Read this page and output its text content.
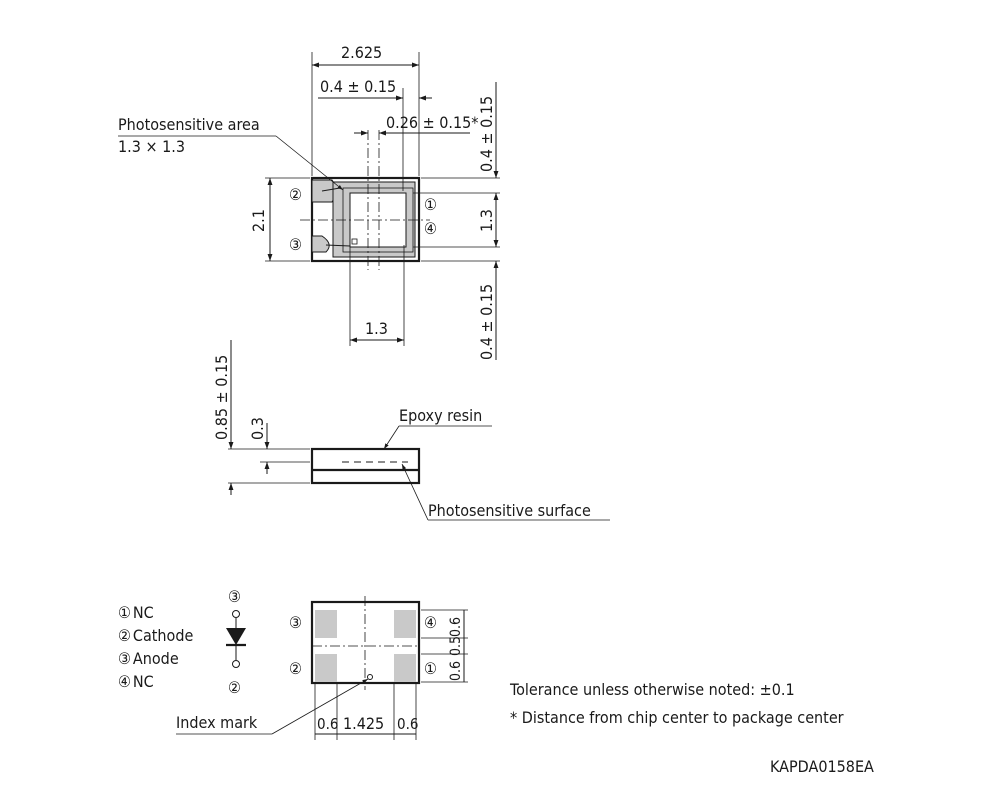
2.625
0.4 ± 0.15
0.26 ± 0.15*
Photosensitive area
1.3 × 1.3
②
③
①
④
2.1
1.3
0.4 ± 0.15
1.3
0.4 ± 0.15
0.85 ± 0.15 0.3
Epoxy resin
Photosensitive surface
① NC
② Cathode
③ Anode
④ NC
③
②
③
②
④
①
0.6
0.5
0.6
0.6 1.425 0.6
Index mark
Tolerance unless otherwise noted: ±0.1
* Distance from chip center to package center
KAPDA0158EA
